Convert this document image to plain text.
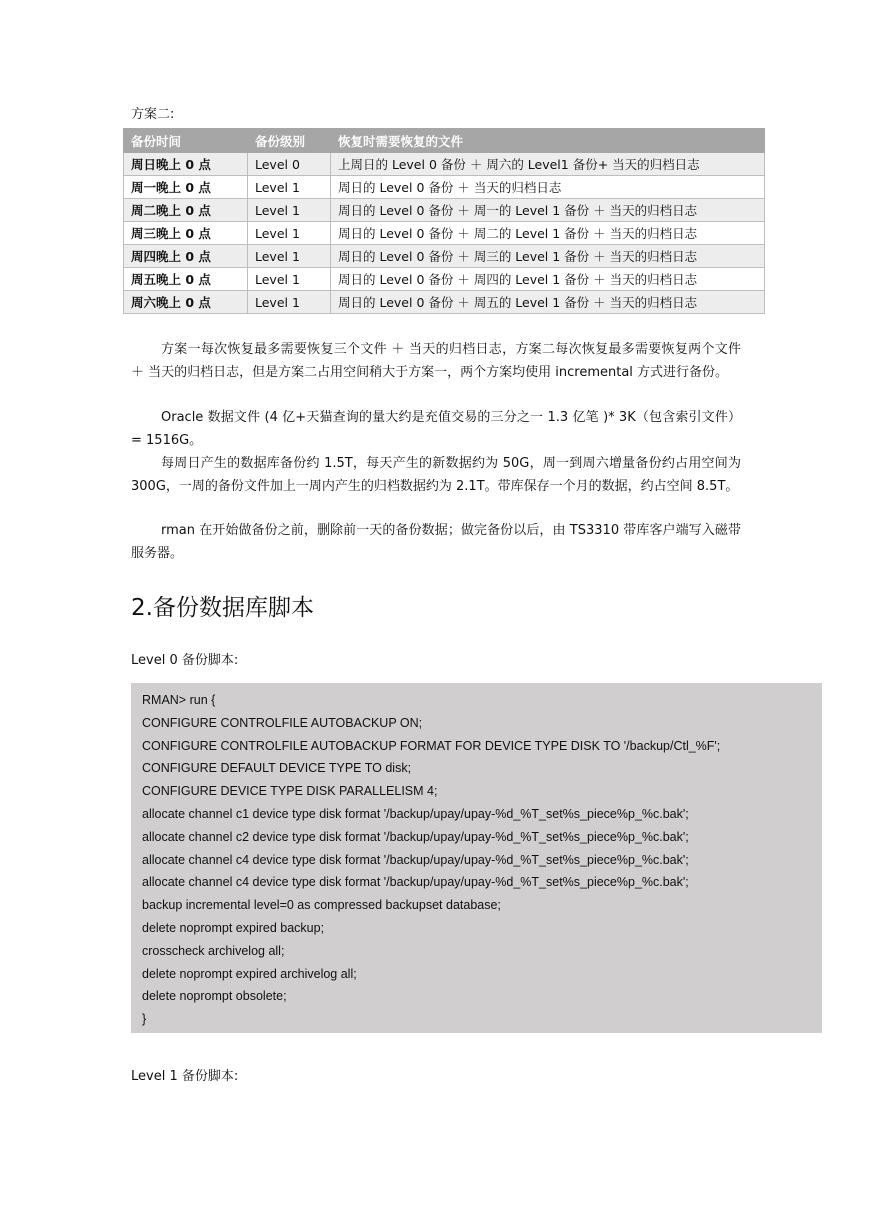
方案二:
备份时间	备份级别	恢复时需要恢复的文件
周日晚上 0 点	Level 0	上周日的 Level 0 备份 ＋ 周六的 Level1 备份+ 当天的归档日志
周一晚上 0 点	Level 1	周日的 Level 0 备份 ＋ 当天的归档日志
周二晚上 0 点	Level 1	周日的 Level 0 备份 ＋ 周一的 Level 1 备份 ＋ 当天的归档日志
周三晚上 0 点	Level 1	周日的 Level 0 备份 ＋ 周二的 Level 1 备份 ＋ 当天的归档日志
周四晚上 0 点	Level 1	周日的 Level 0 备份 ＋ 周三的 Level 1 备份 ＋ 当天的归档日志
周五晚上 0 点	Level 1	周日的 Level 0 备份 ＋ 周四的 Level 1 备份 ＋ 当天的归档日志
周六晚上 0 点	Level 1	周日的 Level 0 备份 ＋ 周五的 Level 1 备份 ＋ 当天的归档日志

方案一每次恢复最多需要恢复三个文件 ＋ 当天的归档日志，方案二每次恢复最多需要恢复两个文件 ＋ 当天的归档日志，但是方案二占用空间稍大于方案一，两个方案均使用 incremental 方式进行备份。

Oracle 数据文件 (4 亿+天猫查询的量大约是充值交易的三分之一 1.3 亿笔 )* 3K（包含索引文件）= 1516G。

每周日产生的数据库备份约 1.5T，每天产生的新数据约为 50G，周一到周六增量备份约占用空间为 300G，一周的备份文件加上一周内产生的归档数据约为 2.1T。带库保存一个月的数据，约占空间 8.5T。

rman 在开始做备份之前，删除前一天的备份数据；做完备份以后，由 TS3310 带库客户端写入磁带服务器。

2.备份数据库脚本
Level 0 备份脚本:
RMAN> run {
CONFIGURE CONTROLFILE AUTOBACKUP ON;
CONFIGURE CONTROLFILE AUTOBACKUP FORMAT FOR DEVICE TYPE DISK TO '/backup/Ctl_%F';
CONFIGURE DEFAULT DEVICE TYPE TO disk;
CONFIGURE DEVICE TYPE DISK PARALLELISM 4;
allocate channel c1 device type disk format '/backup/upay/upay-%d_%T_set%s_piece%p_%c.bak';
allocate channel c2 device type disk format '/backup/upay/upay-%d_%T_set%s_piece%p_%c.bak';
allocate channel c4 device type disk format '/backup/upay/upay-%d_%T_set%s_piece%p_%c.bak';
allocate channel c4 device type disk format '/backup/upay/upay-%d_%T_set%s_piece%p_%c.bak';
backup incremental level=0 as compressed backupset database;
delete noprompt expired backup;
crosscheck archivelog all;
delete noprompt expired archivelog all;
delete noprompt obsolete;
}
Level 1 备份脚本:
